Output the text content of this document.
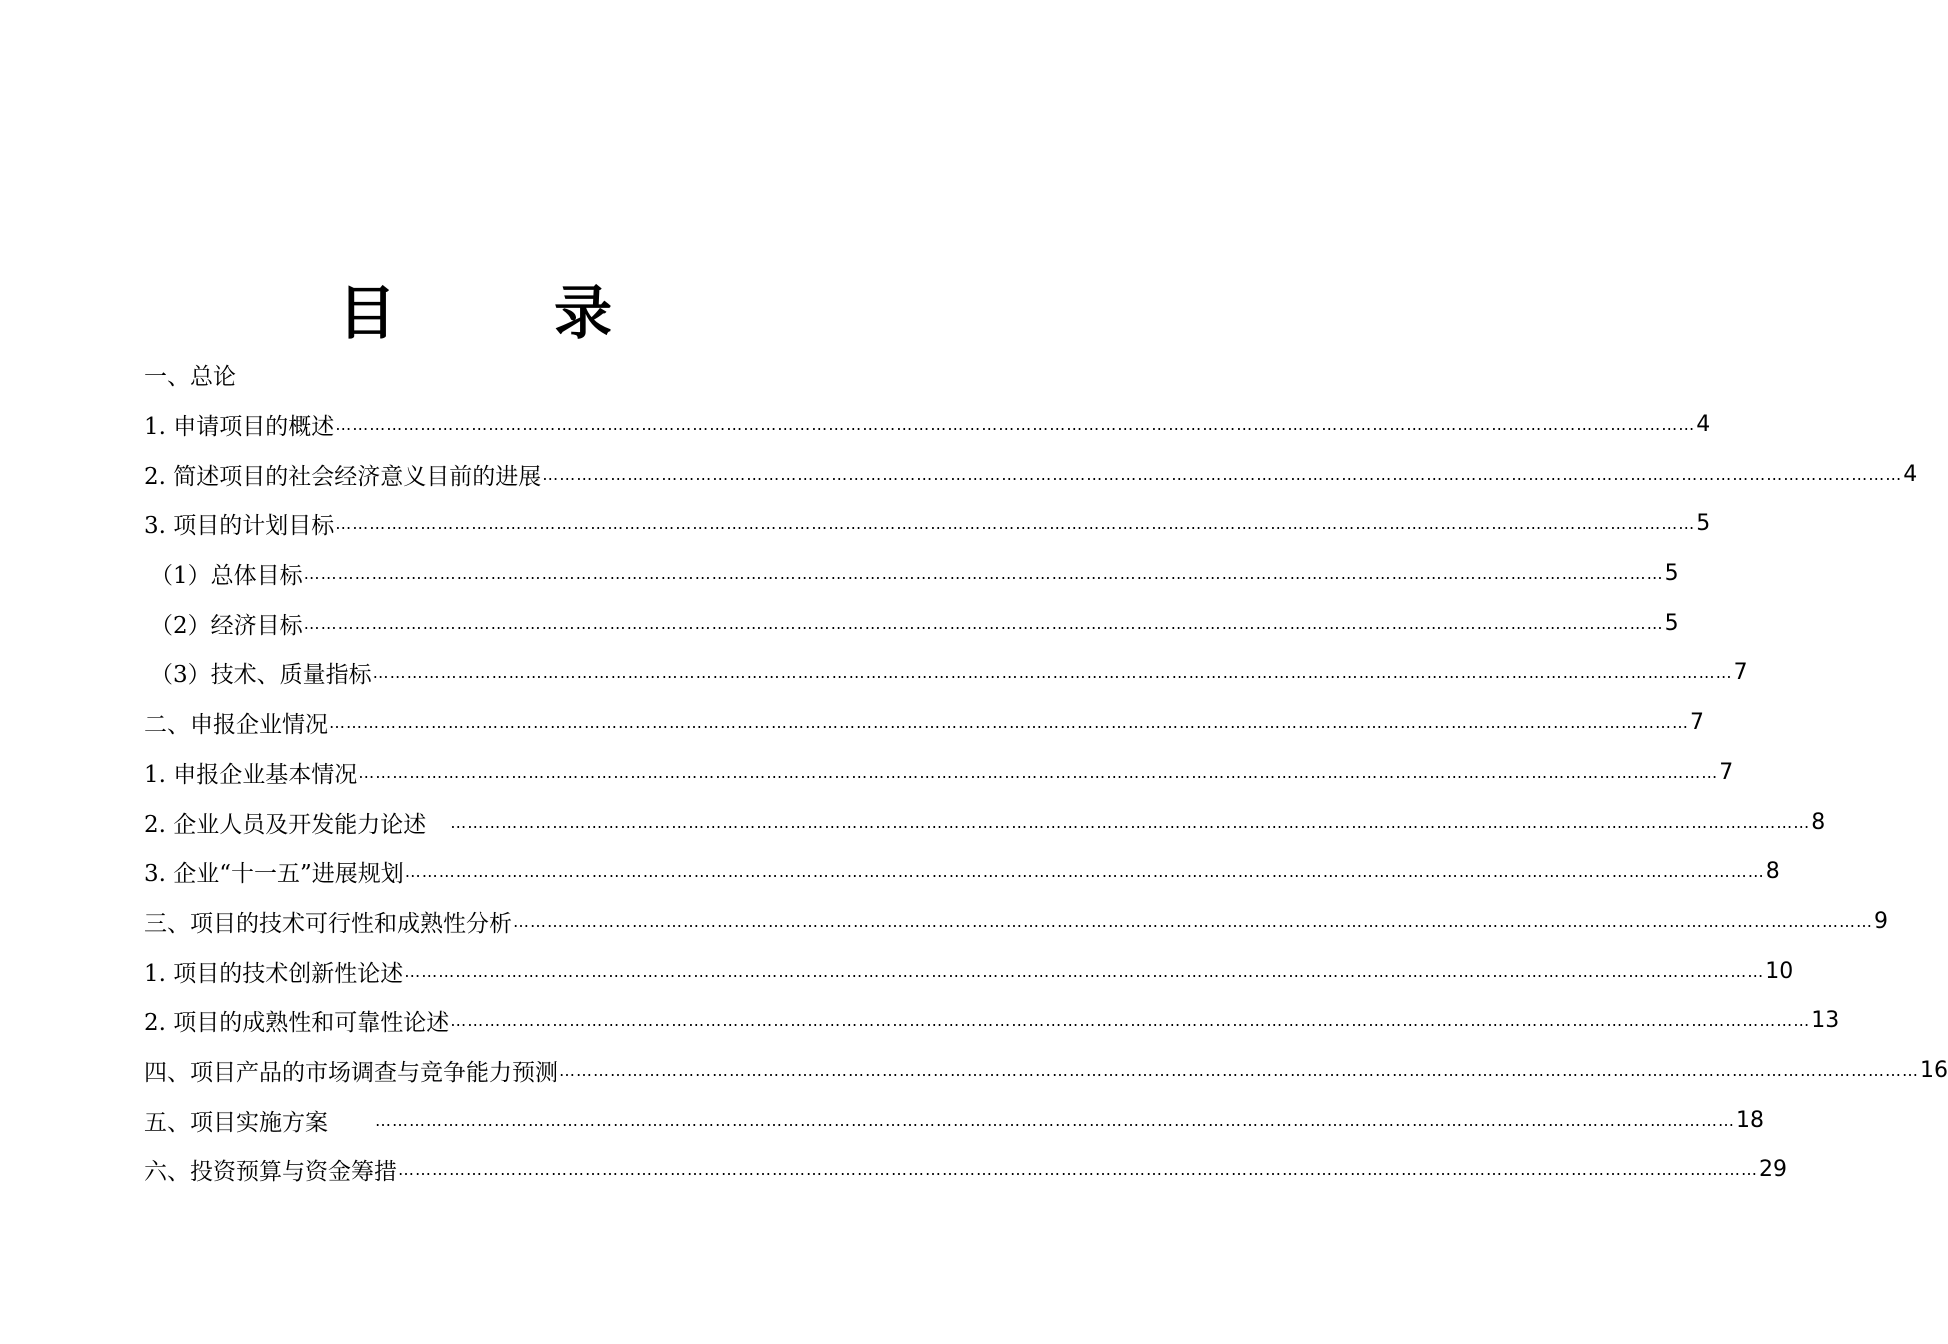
目　录
一、总论
1. 申请项目的概述 …………………………………………………………………………………………………………………………………………………………………………………………………………………… 4
2. 简述项目的社会经济意义目前的进展 …………………………………………………………………………………………………………………………………………………………………………………………………………………… 4
3. 项目的计划目标 …………………………………………………………………………………………………………………………………………………………………………………………………………………… 5
（1）总体目标 …………………………………………………………………………………………………………………………………………………………………………………………………………………… 5
（2）经济目标 …………………………………………………………………………………………………………………………………………………………………………………………………………………… 5
（3）技术、质量指标 …………………………………………………………………………………………………………………………………………………………………………………………………………………… 7
二、申报企业情况 …………………………………………………………………………………………………………………………………………………………………………………………………………………… 7
1. 申报企业基本情况 …………………………………………………………………………………………………………………………………………………………………………………………………………………… 7
2. 企业人员及开发能力论述　 …………………………………………………………………………………………………………………………………………………………………………………………………………………… 8
3. 企业“十一五”进展规划 …………………………………………………………………………………………………………………………………………………………………………………………………………………… 8
三、项目的技术可行性和成熟性分析 …………………………………………………………………………………………………………………………………………………………………………………………………………………… 9
1. 项目的技术创新性论述 …………………………………………………………………………………………………………………………………………………………………………………………………………………… 10
2. 项目的成熟性和可靠性论述 …………………………………………………………………………………………………………………………………………………………………………………………………………………… 13
四、项目产品的市场调查与竞争能力预测 …………………………………………………………………………………………………………………………………………………………………………………………………………………… 16
五、项目实施方案　　 …………………………………………………………………………………………………………………………………………………………………………………………………………………… 18
六、投资预算与资金筹措 …………………………………………………………………………………………………………………………………………………………………………………………………………………… 29
